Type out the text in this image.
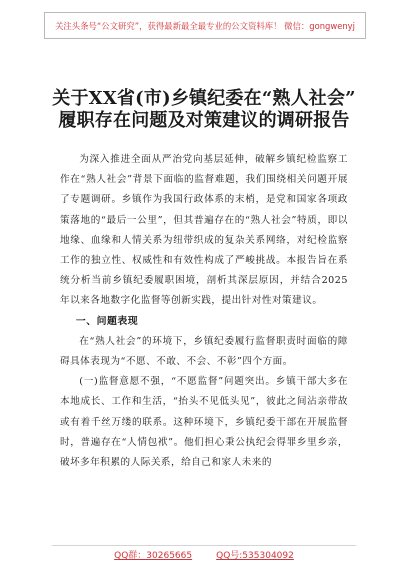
关注头条号“公文研究”，获得最新最全最专业的公文资料库！ 微信：gongwenyj
关于XX省(市)乡镇纪委在“熟人社会”
履职存在问题及对策建议的调研报告

为深入推进全面从严治党向基层延伸，破解乡镇纪检监察工作在“熟人社会”背景下面临的监督难题，我们围绕相关问题开展了专题调研。乡镇作为我国行政体系的末梢，是党和国家各项政策落地的“最后一公里”，但其普遍存在的“熟人社会”特质，即以地缘、血缘和人情关系为纽带织成的复杂关系网络，对纪检监察工作的独立性、权威性和有效性构成了严峻挑战。本报告旨在系统分析当前乡镇纪委履职困境，剖析其深层原因，并结合2025年以来各地数字化监督等创新实践，提出针对性对策建议。

一、问题表现

在“熟人社会”的环境下，乡镇纪委履行监督职责时面临的障碍具体表现为“不愿、不敢、不会、不彰”四个方面。

(一)监督意愿不强，“不愿监督”问题突出。乡镇干部大多在本地成长、工作和生活，“抬头不见低头见”，彼此之间沾亲带故或有着千丝万缕的联系。这种环境下，乡镇纪委干部在开展监督时，普遍存在“人情包袱”。他们担心秉公执纪会得罪乡里乡亲，破坏多年积累的人际关系，给自己和家人未来的

QQ群：30265665	QQ号:535304092
